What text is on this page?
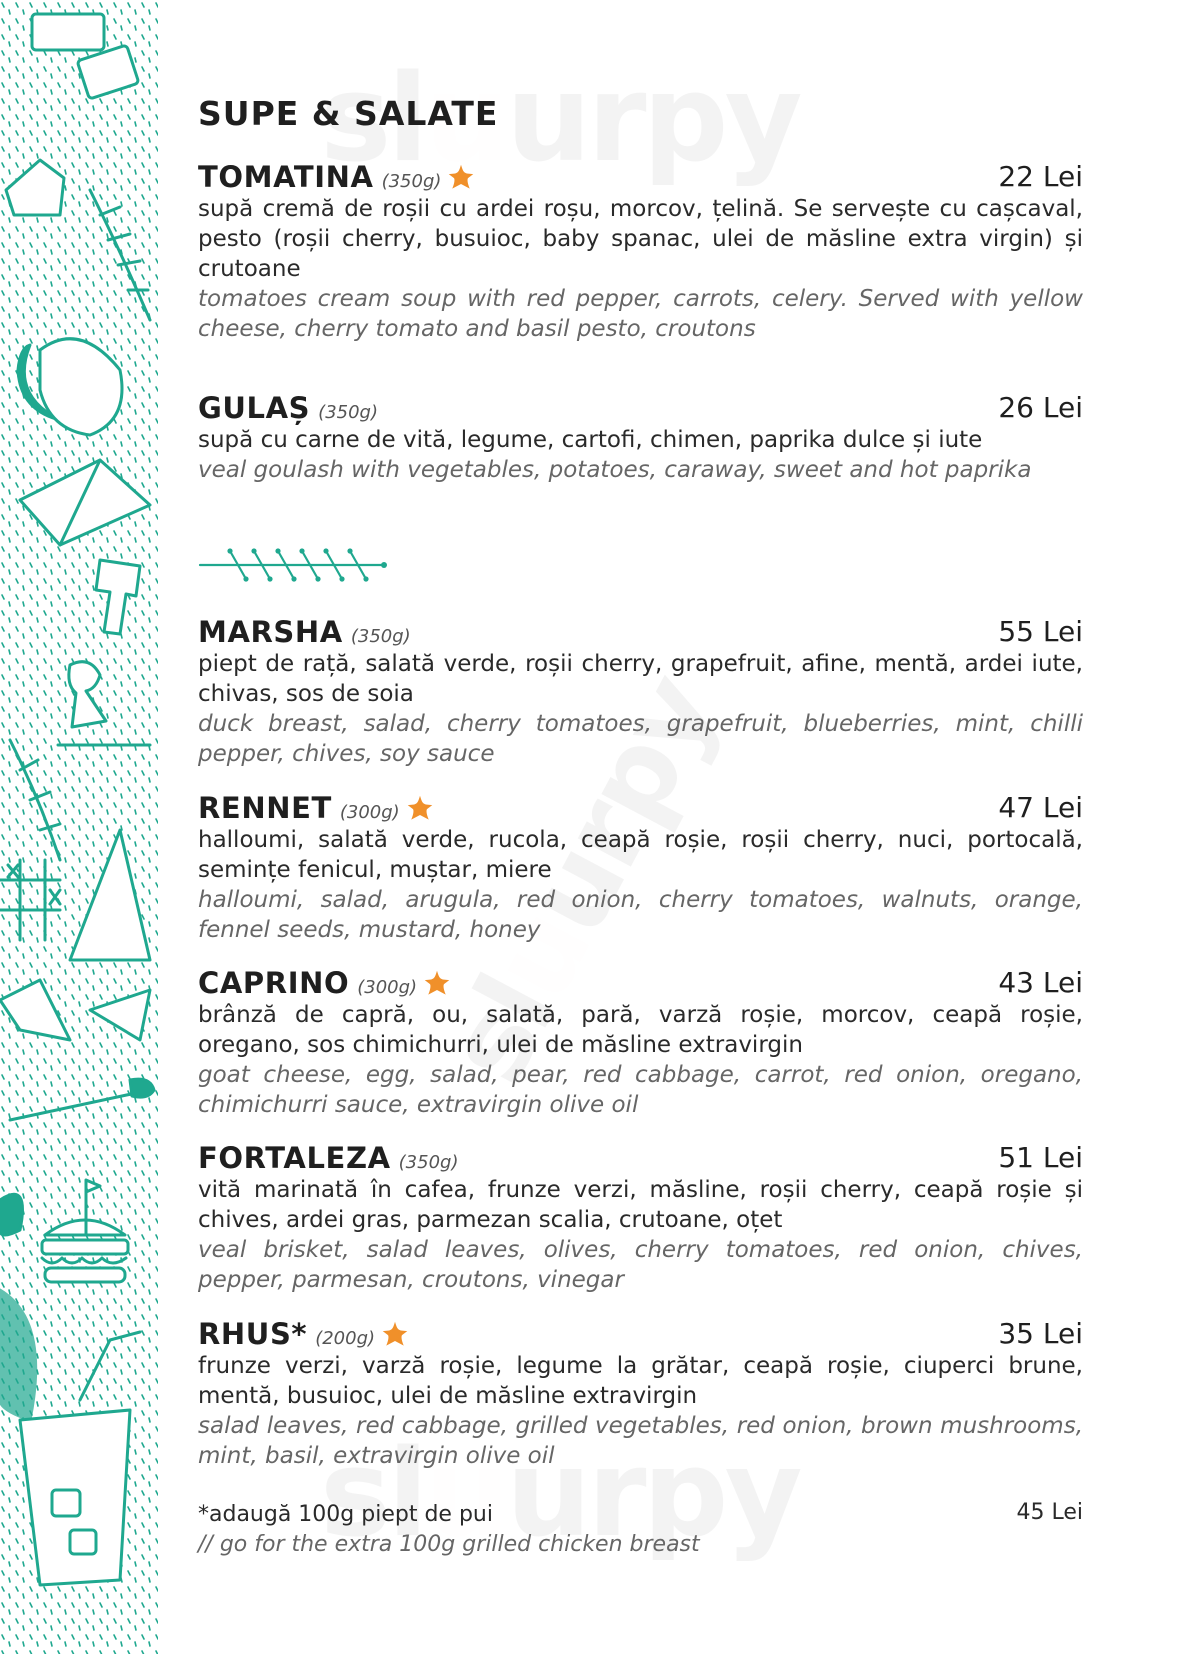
SUPE & SALATE
TOMATINA (350g)	22 Lei
supă cremă de roșii cu ardei roșu, morcov, țelină. Se servește cu cașcaval, pesto (roșii cherry, busuioc, baby spanac, ulei de măsline extra virgin) și crutoane
tomatoes cream soup with red pepper, carrots, celery. Served with yellow cheese, cherry tomato and basil pesto, croutons
GULAȘ (350g)	26 Lei
supă cu carne de vită, legume, cartofi, chimen, paprika dulce și iute
veal goulash with vegetables, potatoes, caraway, sweet and hot paprika
MARSHA (350g)	55 Lei
piept de rață, salată verde, roșii cherry, grapefruit, afine, mentă, ardei iute, chivas, sos de soia
duck breast, salad, cherry tomatoes, grapefruit, blueberries, mint, chilli pepper, chives, soy sauce
RENNET (300g)	47 Lei
halloumi, salată verde, rucola, ceapă roșie, roșii cherry, nuci, portocală, semințe fenicul, muștar, miere
halloumi, salad, arugula, red onion, cherry tomatoes, walnuts, orange, fennel seeds, mustard, honey
CAPRINO (300g)	43 Lei
brânză de capră, ou, salată, pară, varză roșie, morcov, ceapă roșie, oregano, sos chimichurri, ulei de măsline extravirgin
goat cheese, egg, salad, pear, red cabbage, carrot, red onion, oregano, chimichurri sauce, extravirgin olive oil
FORTALEZA (350g)	51 Lei
vită marinată în cafea, frunze verzi, măsline, roșii cherry, ceapă roșie și chives, ardei gras, parmezan scalia, crutoane, oțet
veal brisket, salad leaves, olives, cherry tomatoes, red onion, chives, pepper, parmesan, croutons, vinegar
RHUS* (200g)	35 Lei
frunze verzi, varză roșie, legume la grătar, ceapă roșie, ciuperci brune, mentă, busuioc, ulei de măsline extravirgin
salad leaves, red cabbage, grilled vegetables, red onion, brown mushrooms, mint, basil, extravirgin olive oil
*adaugă 100g piept de pui
// go for the extra 100g grilled chicken breast
45 Lei
